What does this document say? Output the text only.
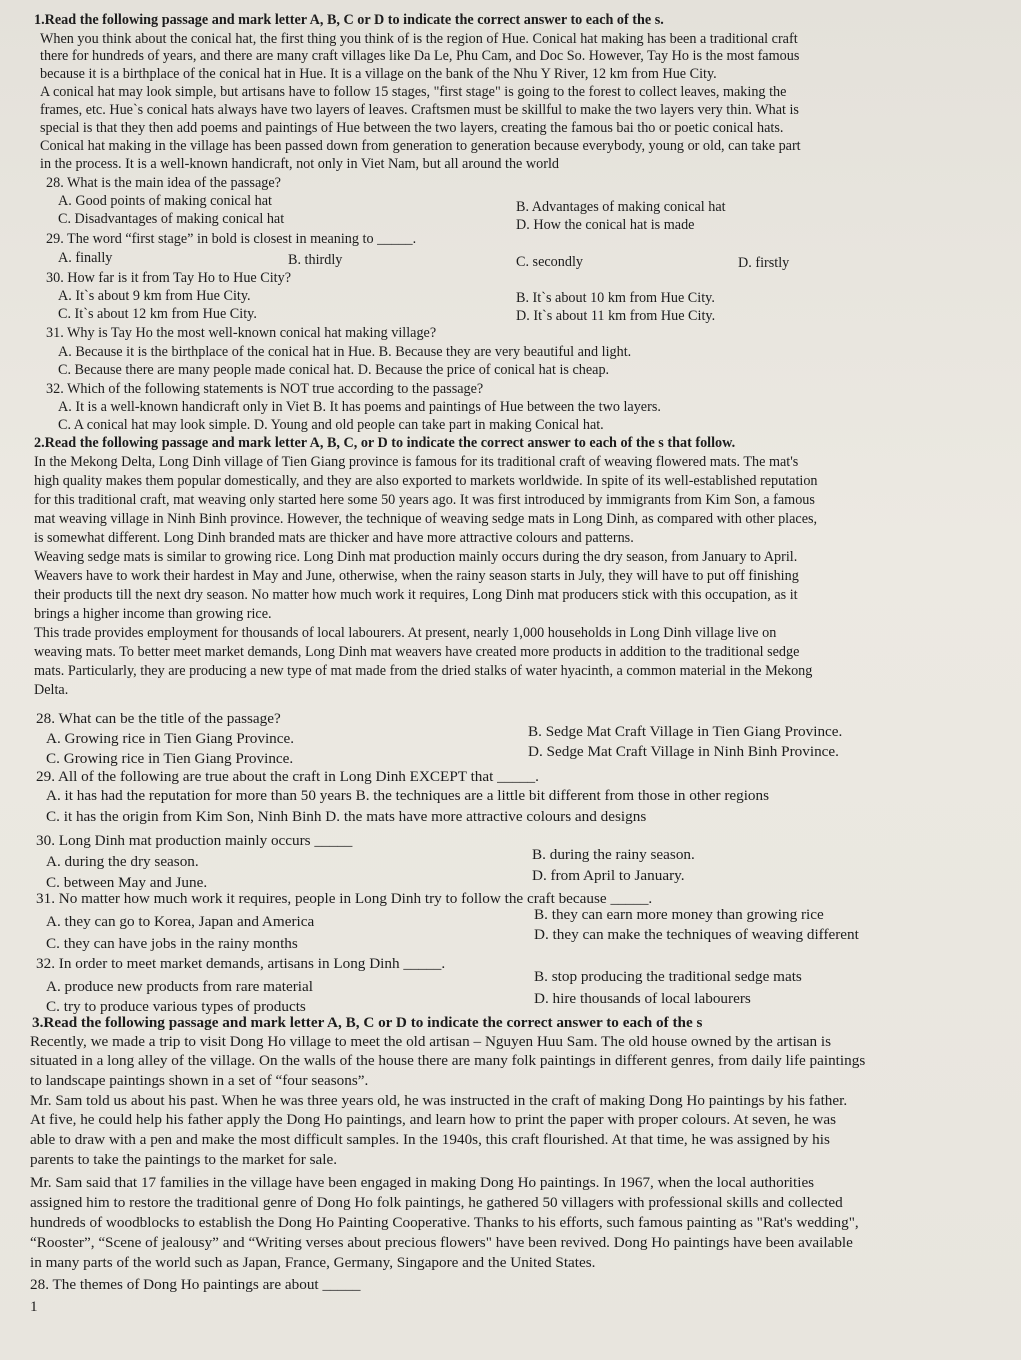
1.Read the following passage and mark letter A, B, C or D to indicate the correct answer to each of the s.
When you think about the conical hat, the first thing you think of is the region of Hue. Conical hat making has been a traditional craft
there for hundreds of years, and there are many craft villages like Da Le, Phu Cam, and Doc So. However, Tay Ho is the most famous
because it is a birthplace of the conical hat in Hue. It is a village on the bank of the Nhu Y River, 12 km from Hue City.
A conical hat may look simple, but artisans have to follow 15 stages, "first stage" is going to the forest to collect leaves, making the
frames, etc. Hue`s conical hats always have two layers of leaves. Craftsmen must be skillful to make the two layers very thin. What is
special is that they then add poems and paintings of Hue between the two layers, creating the famous bai tho or poetic conical hats.
Conical hat making in the village has been passed down from generation to generation because everybody, young or old, can take part
in the process. It is a well-known handicraft, not only in Viet Nam, but all around the world
28. What is the main idea of the passage?
A. Good points of making conical hat	B. Advantages of making conical hat
C. Disadvantages of making conical hat	D. How the conical hat is made
29. The word “first stage” in bold is closest in meaning to _____.
A. finally	B. thirdly	C. secondly	D. firstly
30. How far is it from Tay Ho to Hue City?
A. It`s about 9 km from Hue City.	B. It`s about 10 km from Hue City.
C. It`s about 12 km from Hue City.	D. It`s about 11 km from Hue City.
31. Why is Tay Ho the most well-known conical hat making village?
A. Because it is the birthplace of the conical hat in Hue. B. Because they are very beautiful and light.
C. Because there are many people made conical hat. D. Because the price of conical hat is cheap.
32. Which of the following statements is NOT true according to the passage?
A. It is a well-known handicraft only in Viet B. It has poems and paintings of Hue between the two layers.
C. A conical hat may look simple. D. Young and old people can take part in making Conical hat.
2.Read the following passage and mark letter A, B, C, or D to indicate the correct answer to each of the s that follow.
In the Mekong Delta, Long Dinh village of Tien Giang province is famous for its traditional craft of weaving flowered mats. The mat's
high quality makes them popular domestically, and they are also exported to markets worldwide. In spite of its well-established reputation
for this traditional craft, mat weaving only started here some 50 years ago. It was first introduced by immigrants from Kim Son, a famous
mat weaving village in Ninh Binh province. However, the technique of weaving sedge mats in Long Dinh, as compared with other places,
is somewhat different. Long Dinh branded mats are thicker and have more attractive colours and patterns.
Weaving sedge mats is similar to growing rice. Long Dinh mat production mainly occurs during the dry season, from January to April.
Weavers have to work their hardest in May and June, otherwise, when the rainy season starts in July, they will have to put off finishing
their products till the next dry season. No matter how much work it requires, Long Dinh mat producers stick with this occupation, as it
brings a higher income than growing rice.
This trade provides employment for thousands of local labourers. At present, nearly 1,000 households in Long Dinh village live on
weaving mats. To better meet market demands, Long Dinh mat weavers have created more products in addition to the traditional sedge
mats. Particularly, they are producing a new type of mat made from the dried stalks of water hyacinth, a common material in the Mekong
Delta.
28. What can be the title of the passage?
A. Growing rice in Tien Giang Province.	B. Sedge Mat Craft Village in Tien Giang Province.
C. Growing rice in Tien Giang Province.	D. Sedge Mat Craft Village in Ninh Binh Province.
29. All of the following are true about the craft in Long Dinh EXCEPT that _____.
A. it has had the reputation for more than 50 years B. the techniques are a little bit different from those in other regions
C. it has the origin from Kim Son, Ninh Binh D. the mats have more attractive colours and designs
30. Long Dinh mat production mainly occurs _____
A. during the dry season.	B. during the rainy season.
C. between May and June.	D. from April to January.
31. No matter how much work it requires, people in Long Dinh try to follow the craft because _____.
A. they can go to Korea, Japan and America	B. they can earn more money than growing rice
C. they can have jobs in the rainy months
D. they can make the techniques of weaving different
32. In order to meet market demands, artisans in Long Dinh _____.
A. produce new products from rare material
B. stop producing the traditional sedge mats
C. try to produce various types of products	D. hire thousands of local labourers
3.Read the following passage and mark letter A, B, C or D to indicate the correct answer to each of the s
Recently, we made a trip to visit Dong Ho village to meet the old artisan – Nguyen Huu Sam. The old house owned by the artisan is
situated in a long alley of the village. On the walls of the house there are many folk paintings in different genres, from daily life paintings
to landscape paintings shown in a set of “four seasons”.
Mr. Sam told us about his past. When he was three years old, he was instructed in the craft of making Dong Ho paintings by his father.
At five, he could help his father apply the Dong Ho paintings, and learn how to print the paper with proper colours. At seven, he was
able to draw with a pen and make the most difficult samples. In the 1940s, this craft flourished. At that time, he was assigned by his
parents to take the paintings to the market for sale.
Mr. Sam said that 17 families in the village have been engaged in making Dong Ho paintings. In 1967, when the local authorities
assigned him to restore the traditional genre of Dong Ho folk paintings, he gathered 50 villagers with professional skills and collected
hundreds of woodblocks to establish the Dong Ho Painting Cooperative. Thanks to his efforts, such famous painting as "Rat's wedding",
“Rooster”, “Scene of jealousy” and “Writing verses about precious flowers" have been revived. Dong Ho paintings have been available
in many parts of the world such as Japan, France, Germany, Singapore and the United States.
28. The themes of Dong Ho paintings are about _____
1
